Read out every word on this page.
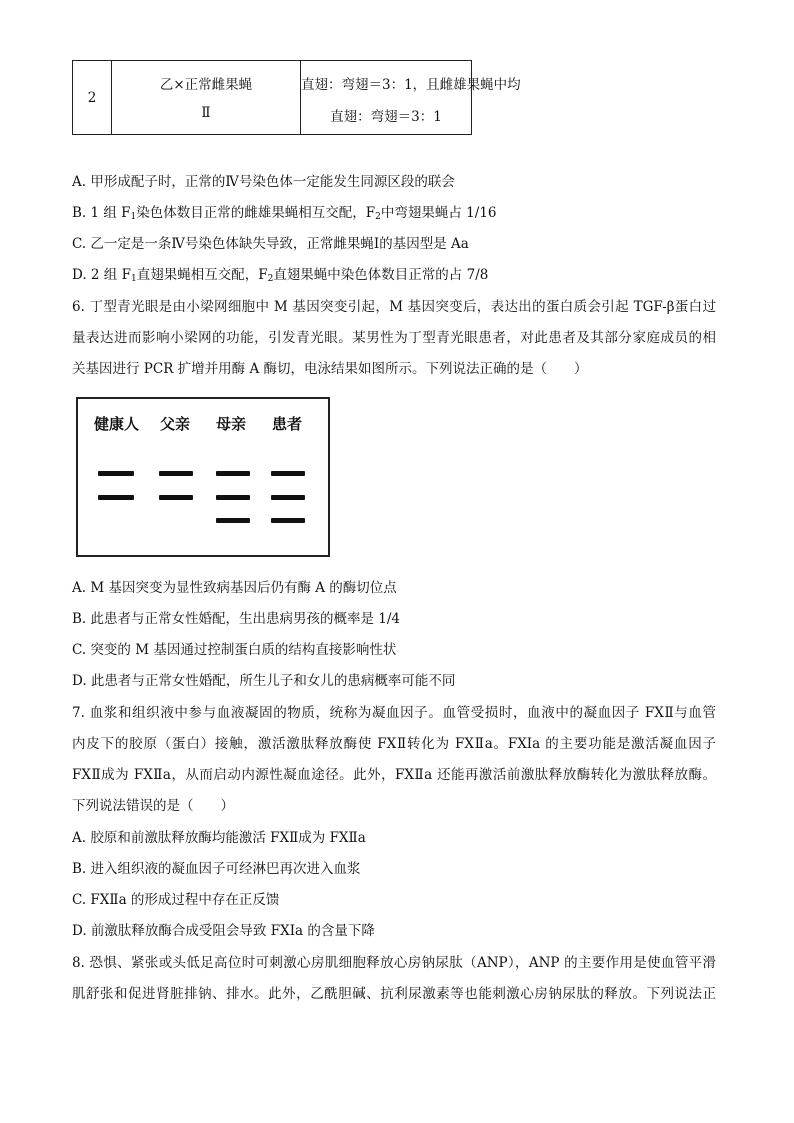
2
乙×正常雌果蝇
Ⅱ
直翅：弯翅＝3：1，且雌雄果蝇中均
直翅：弯翅＝3：1
A. 甲形成配子时，正常的Ⅳ号染色体一定能发生同源区段的联会
B. 1 组 $F_1$染色体数目正常的雌雄果蝇相互交配，$F_2$中弯翅果蝇占 1/16
C. 乙一定是一条Ⅳ号染色体缺失导致，正常雌果蝇Ⅰ的基因型是 Aa
D. 2 组 $F_1$直翅果蝇相互交配，$F_2$直翅果蝇中染色体数目正常的占 7/8
6. 丁型青光眼是由小梁网细胞中 M 基因突变引起，M 基因突变后，表达出的蛋白质会引起 TGF-β蛋白过
量表达进而影响小梁网的功能，引发青光眼。某男性为丁型青光眼患者，对此患者及其部分家庭成员的相
关基因进行 PCR 扩增并用酶 A 酶切，电泳结果如图所示。下列说法正确的是（　　）
健康人 父亲 母亲 患者
A. M 基因突变为显性致病基因后仍有酶 A 的酶切位点
B. 此患者与正常女性婚配，生出患病男孩的概率是 1/4
C. 突变的 M 基因通过控制蛋白质的结构直接影响性状
D. 此患者与正常女性婚配，所生儿子和女儿的患病概率可能不同
7. 血浆和组织液中参与血液凝固的物质，统称为凝血因子。血管受损时，血液中的凝血因子 FXⅡ与血管
内皮下的胶原（蛋白）接触，激活激肽释放酶使 FXⅡ转化为 FXⅡa。FXIa 的主要功能是激活凝血因子
FXⅡ成为 FXⅡa，从而启动内源性凝血途径。此外，FXⅡa 还能再激活前激肽释放酶转化为激肽释放酶。
下列说法错误的是（　　）
A. 胶原和前激肽释放酶均能激活 FXⅡ成为 FXⅡa
B. 进入组织液的凝血因子可经淋巴再次进入血浆
C. FXⅡa 的形成过程中存在正反馈
D. 前激肽释放酶合成受阻会导致 FXIa 的含量下降
8. 恐惧、紧张或头低足高位时可刺激心房肌细胞释放心房钠尿肽（ANP），ANP 的主要作用是使血管平滑
肌舒张和促进肾脏排钠、排水。此外，乙酰胆碱、抗利尿激素等也能刺激心房钠尿肽的释放。下列说法正
